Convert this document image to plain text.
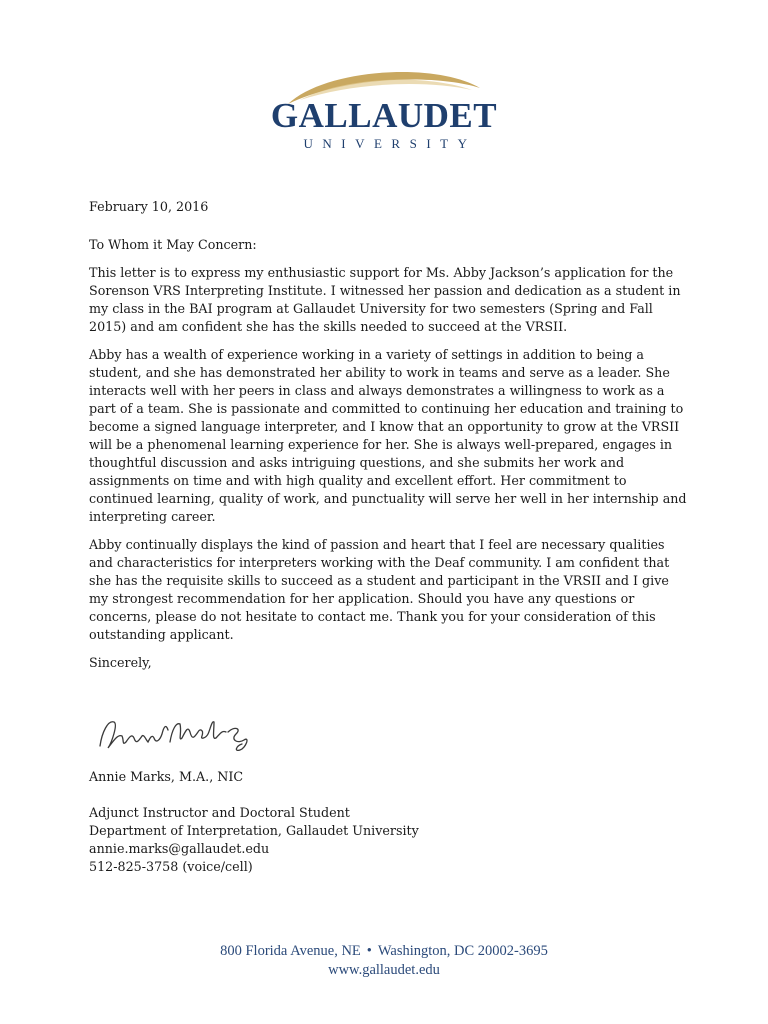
GALLAUDET
UNIVERSITY

February 10, 2016

To Whom it May Concern:

This letter is to express my enthusiastic support for Ms. Abby Jackson’s application for the Sorenson VRS Interpreting Institute. I witnessed her passion and dedication as a student in my class in the BAI program at Gallaudet University for two semesters (Spring and Fall 2015) and am confident she has the skills needed to succeed at the VRSII.

Abby has a wealth of experience working in a variety of settings in addition to being a student, and she has demonstrated her ability to work in teams and serve as a leader. She interacts well with her peers in class and always demonstrates a willingness to work as a part of a team. She is passionate and committed to continuing her education and training to become a signed language interpreter, and I know that an opportunity to grow at the VRSII will be a phenomenal learning experience for her. She is always well-prepared, engages in thoughtful discussion and asks intriguing questions, and she submits her work and assignments on time and with high quality and excellent effort. Her commitment to continued learning, quality of work, and punctuality will serve her well in her internship and interpreting career.

Abby continually displays the kind of passion and heart that I feel are necessary qualities and characteristics for interpreters working with the Deaf community. I am confident that she has the requisite skills to succeed as a student and participant in the VRSII and I give my strongest recommendation for her application. Should you have any questions or concerns, please do not hesitate to contact me. Thank you for your consideration of this outstanding applicant.

Sincerely,

Annie Marks, M.A., NIC
Adjunct Instructor and Doctoral Student
Department of Interpretation, Gallaudet University
annie.marks@gallaudet.edu
512-825-3758 (voice/cell)
800 Florida Avenue, NE • Washington, DC 20002-3695
www.gallaudet.edu
